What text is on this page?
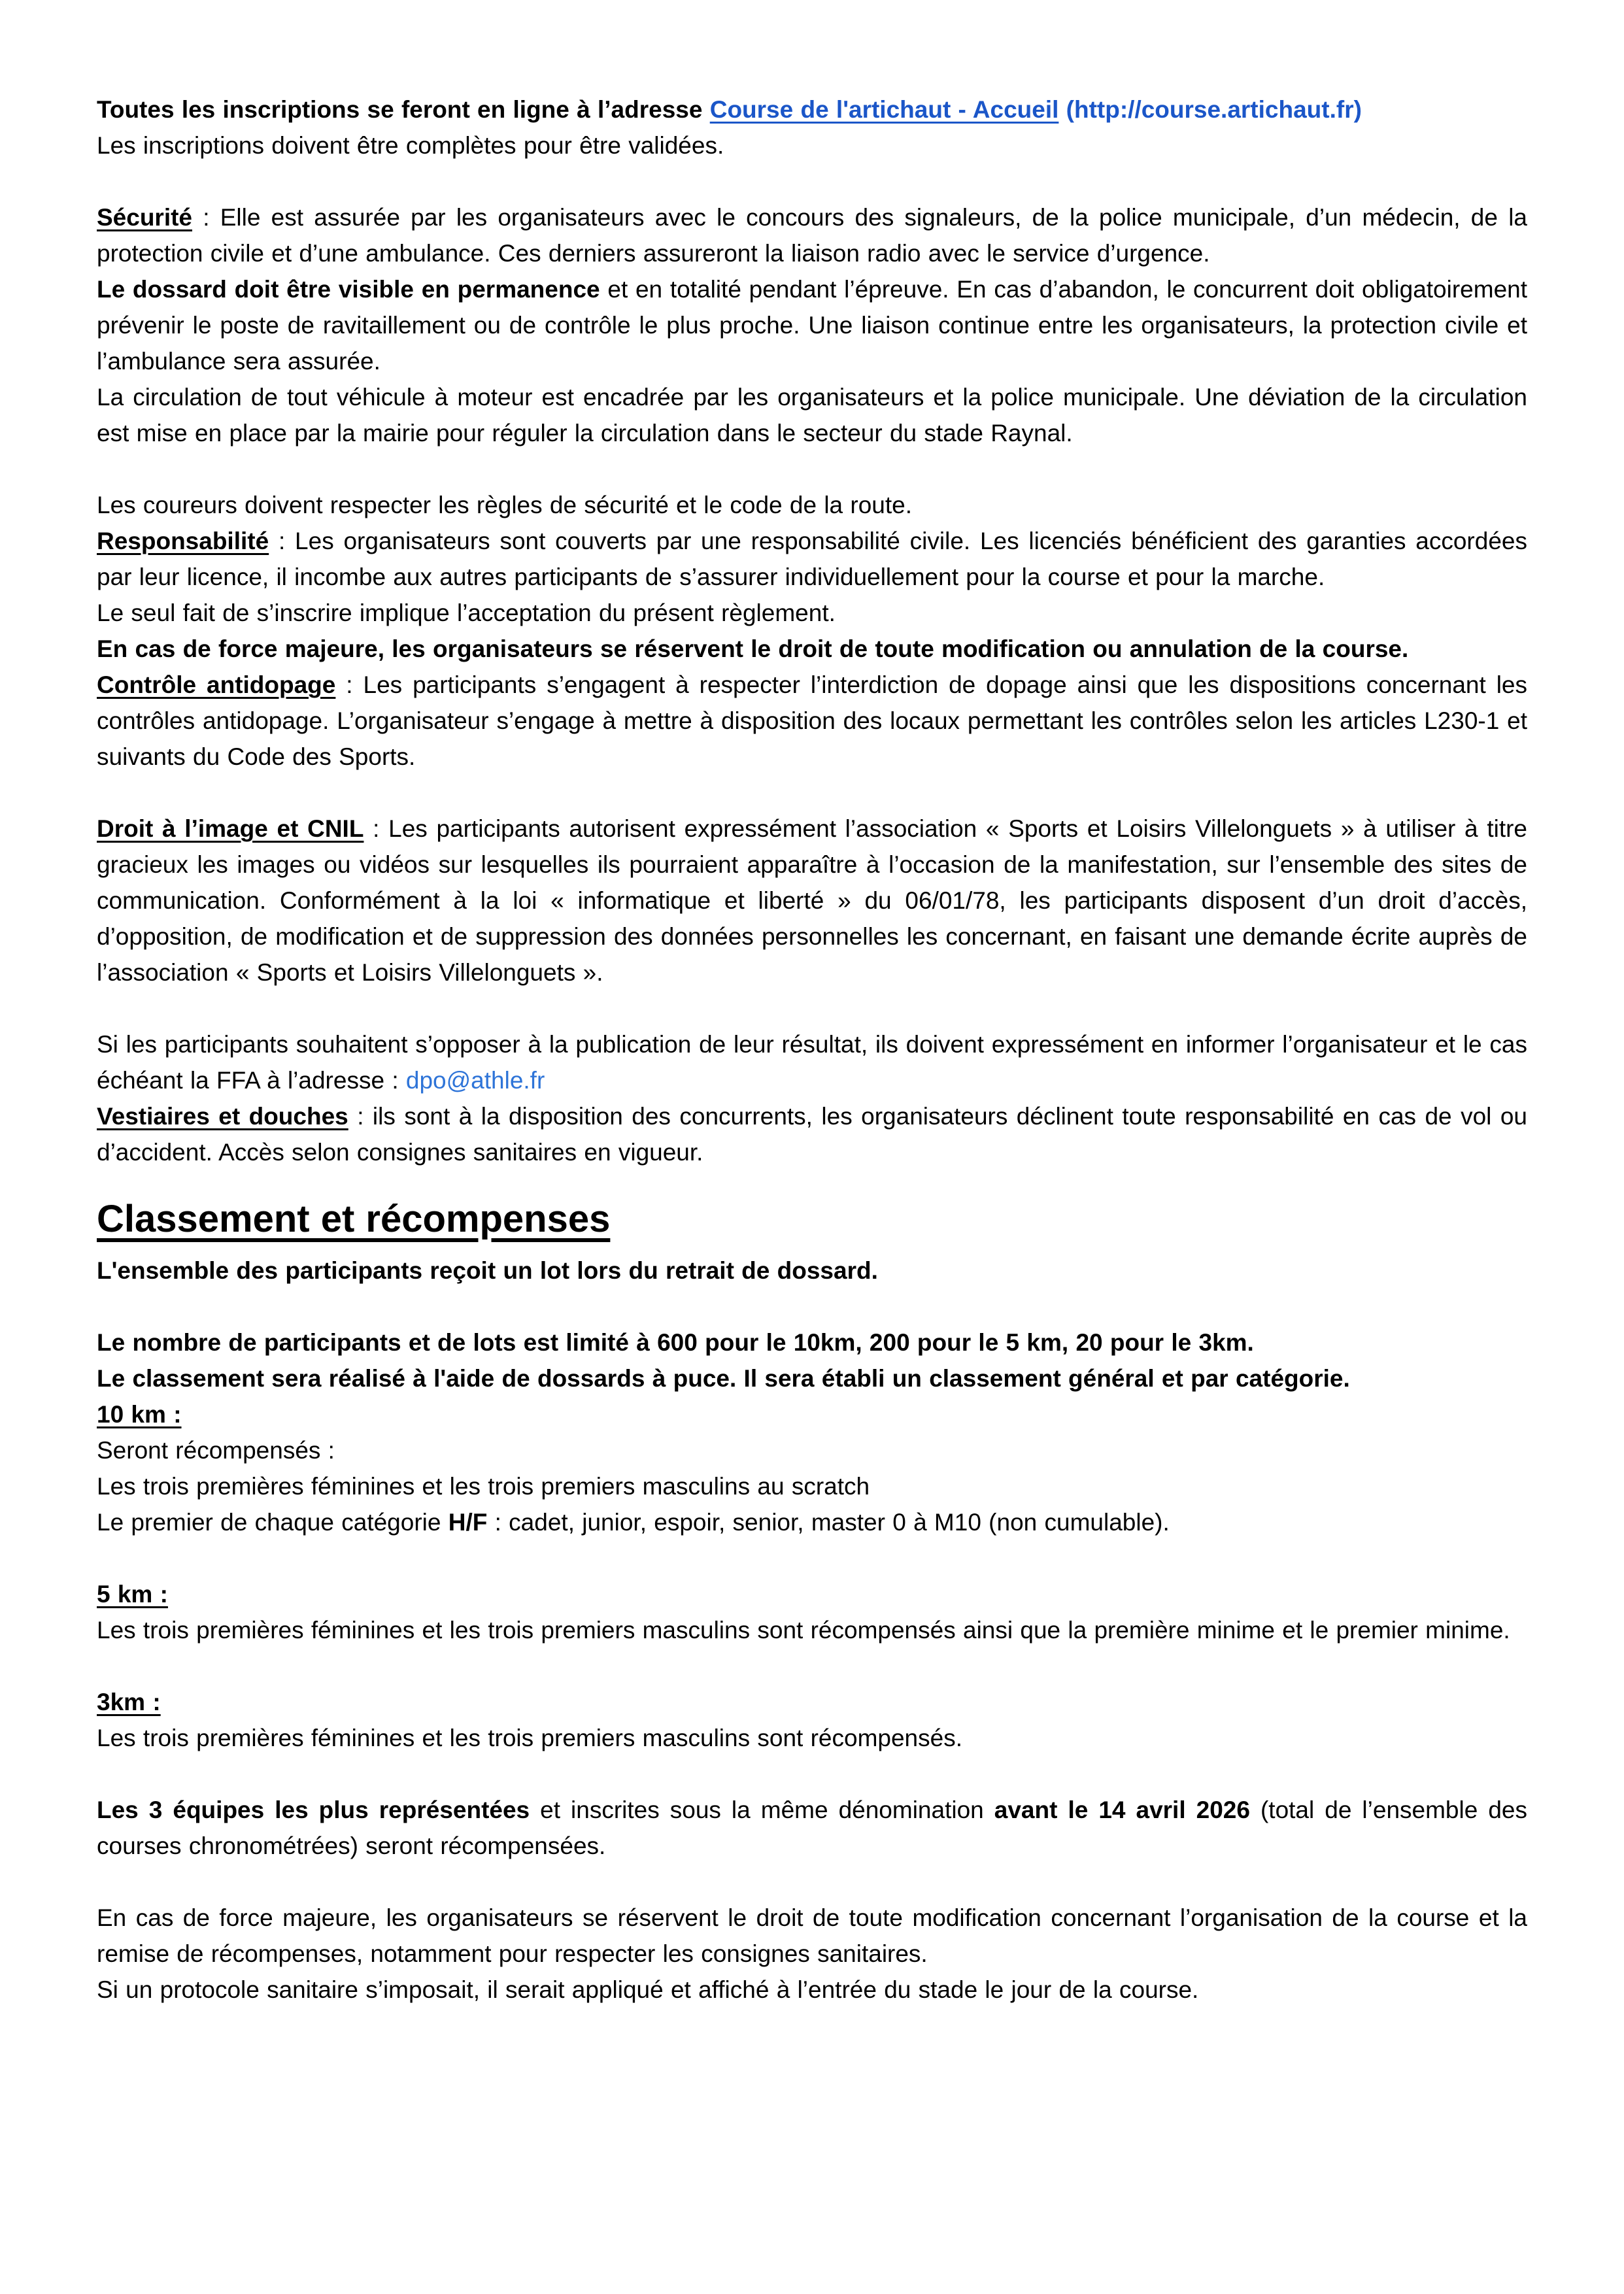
Toutes les inscriptions se feront en ligne à l’adresse Course de l'artichaut - Accueil (http://course.artichaut.fr)
Les inscriptions doivent être complètes pour être validées.

Sécurité : Elle est assurée par les organisateurs avec le concours des signaleurs, de la police municipale, d’un médecin, de la protection civile et d’une ambulance. Ces derniers assureront la liaison radio avec le service d’urgence.
Le dossard doit être visible en permanence et en totalité pendant l’épreuve. En cas d’abandon, le concurrent doit obligatoirement prévenir le poste de ravitaillement ou de contrôle le plus proche. Une liaison continue entre les organisateurs, la protection civile et l’ambulance sera assurée.
La circulation de tout véhicule à moteur est encadrée par les organisateurs et la police municipale. Une déviation de la circulation est mise en place par la mairie pour réguler la circulation dans le secteur du stade Raynal.

Les coureurs doivent respecter les règles de sécurité et le code de la route.
Responsabilité : Les organisateurs sont couverts par une responsabilité civile. Les licenciés bénéficient des garanties accordées par leur licence, il incombe aux autres participants de s’assurer individuellement pour la course et pour la marche.
Le seul fait de s’inscrire implique l’acceptation du présent règlement.
En cas de force majeure, les organisateurs se réservent le droit de toute modification ou annulation de la course.
Contrôle antidopage : Les participants s’engagent à respecter l’interdiction de dopage ainsi que les dispositions concernant les contrôles antidopage. L’organisateur s’engage à mettre à disposition des locaux permettant les contrôles selon les articles L230-1 et suivants du Code des Sports.

Droit à l’image et CNIL : Les participants autorisent expressément l’association « Sports et Loisirs Villelonguets » à utiliser à titre gracieux les images ou vidéos sur lesquelles ils pourraient apparaître à l’occasion de la manifestation, sur l’ensemble des sites de communication. Conformément à la loi « informatique et liberté » du 06/01/78, les participants disposent d’un droit d’accès, d’opposition, de modification et de suppression des données personnelles les concernant, en faisant une demande écrite auprès de l’association « Sports et Loisirs Villelonguets ».

Si les participants souhaitent s’opposer à la publication de leur résultat, ils doivent expressément en informer l’organisateur et le cas échéant la FFA à l’adresse : dpo@athle.fr
Vestiaires et douches : ils sont à la disposition des concurrents, les organisateurs déclinent toute responsabilité en cas de vol ou d’accident. Accès selon consignes sanitaires en vigueur.
Classement et récompenses
L'ensemble des participants reçoit un lot lors du retrait de dossard.

Le nombre de participants et de lots est limité à 600 pour le 10km, 200 pour le 5 km, 20 pour le 3km.
Le classement sera réalisé à l'aide de dossards à puce. Il sera établi un classement général et par catégorie.
10 km :
Seront récompensés :
Les trois premières féminines et les trois premiers masculins au scratch
Le premier de chaque catégorie H/F : cadet, junior, espoir, senior, master 0 à M10 (non cumulable).

5 km :
Les trois premières féminines et les trois premiers masculins sont récompensés ainsi que la première minime et le premier minime.

3km :
Les trois premières féminines et les trois premiers masculins sont récompensés.

Les 3 équipes les plus représentées et inscrites sous la même dénomination avant le 14 avril 2026 (total de l’ensemble des courses chronométrées) seront récompensées.

En cas de force majeure, les organisateurs se réservent le droit de toute modification concernant l’organisation de la course et la remise de récompenses, notamment pour respecter les consignes sanitaires.
Si un protocole sanitaire s’imposait, il serait appliqué et affiché à l’entrée du stade le jour de la course.
